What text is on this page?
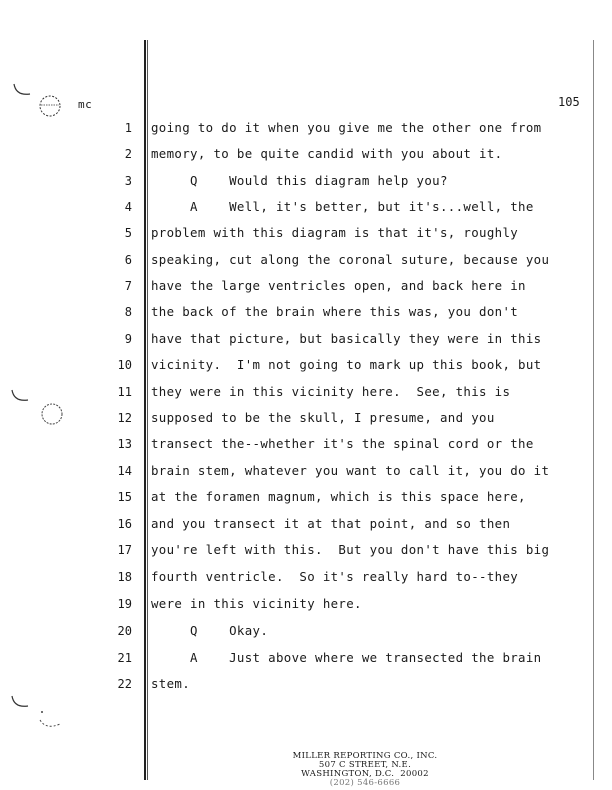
mc	105
1 going to do it when you give me the other one from
2 memory, to be quite candid with you about it.
3 Q    Would this diagram help you?
4 A    Well, it's better, but it's...well, the
5 problem with this diagram is that it's, roughly
6 speaking, cut along the coronal suture, because you
7 have the large ventricles open, and back here in
8 the back of the brain where this was, you don't
9 have that picture, but basically they were in this
10 vicinity.  I'm not going to mark up this book, but
11 they were in this vicinity here.  See, this is
12 supposed to be the skull, I presume, and you
13 transect the--whether it's the spinal cord or the
14 brain stem, whatever you want to call it, you do it
15 at the foramen magnum, which is this space here,
16 and you transect it at that point, and so then
17 you're left with this.  But you don't have this big
18 fourth ventricle.  So it's really hard to--they
19 were in this vicinity here.
20 Q    Okay.
21 A    Just above where we transected the brain
22 stem.
MILLER REPORTING CO., INC.
507 C STREET, N.E.
WASHINGTON, D.C.  20002
(202) 546-6666
